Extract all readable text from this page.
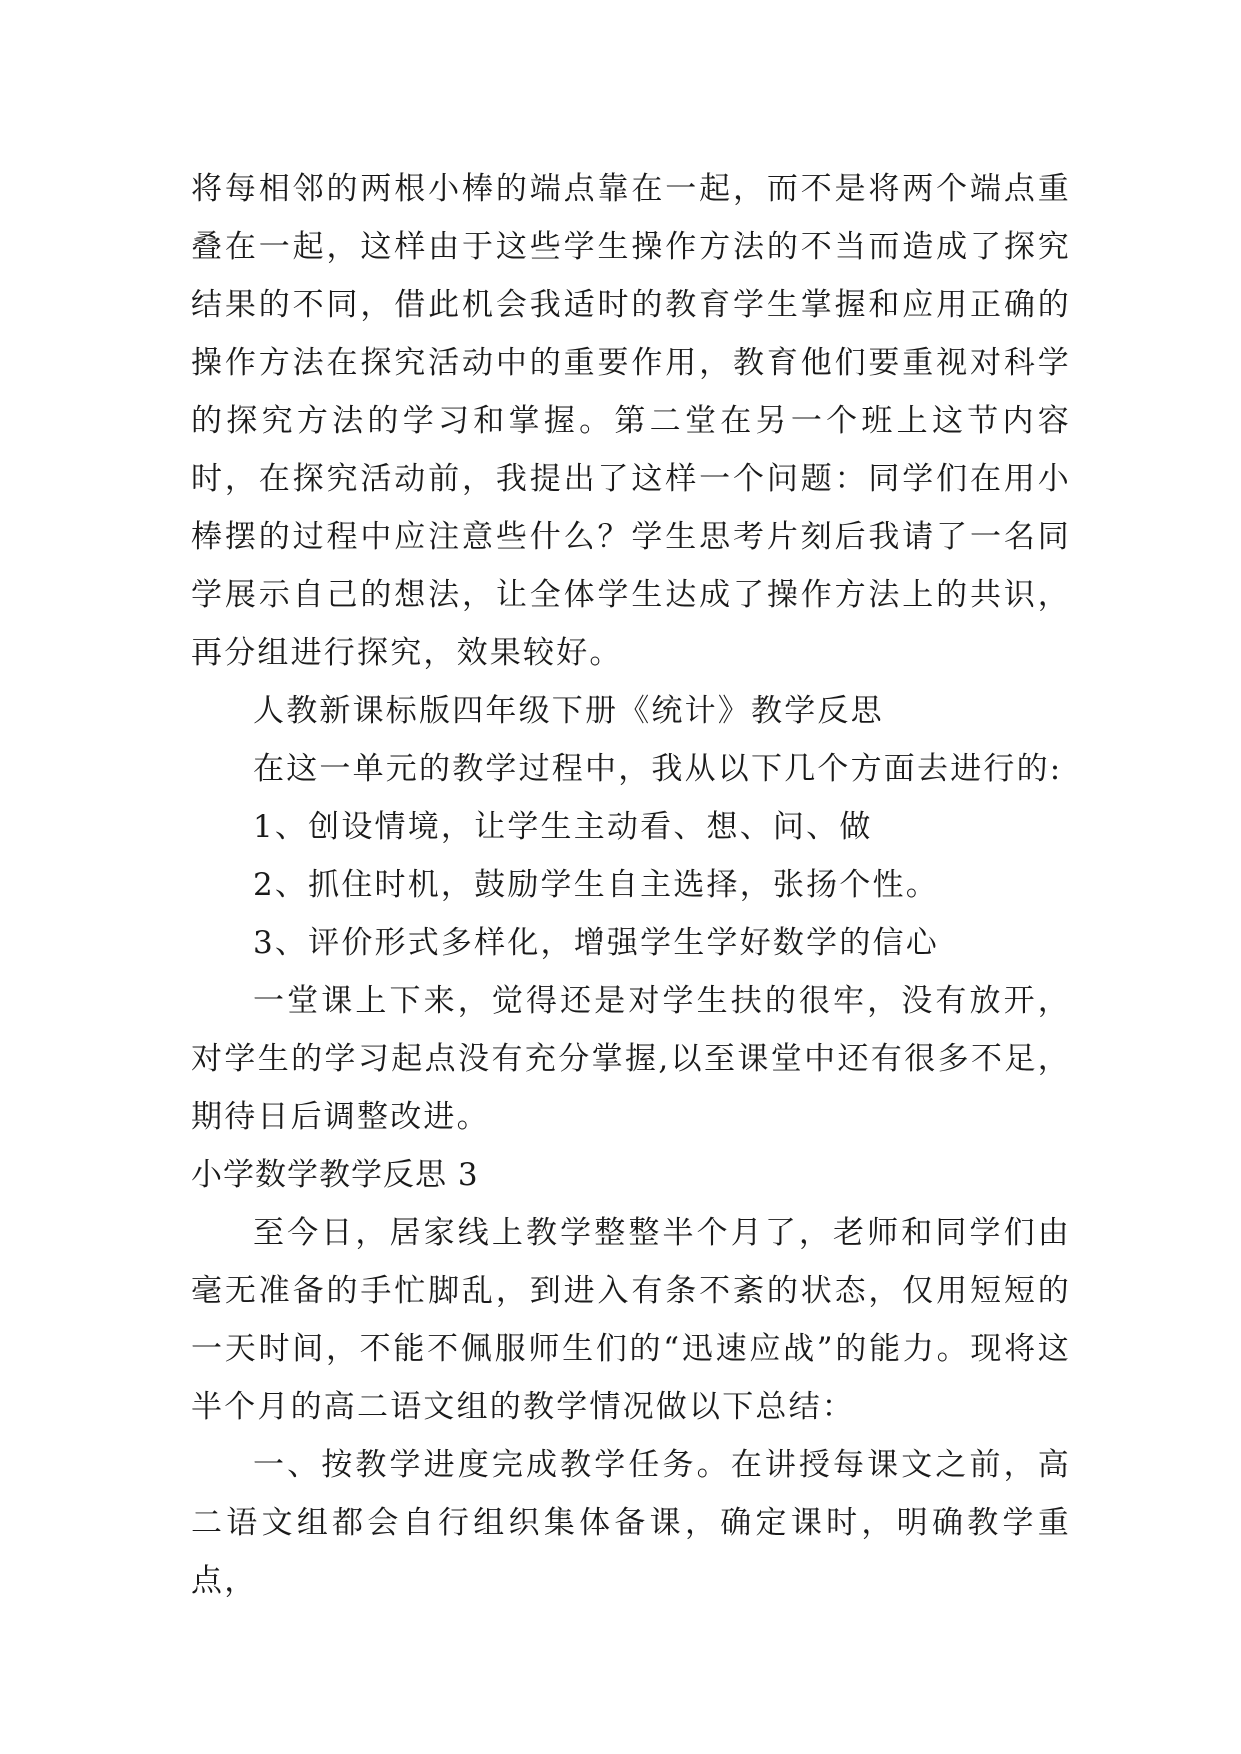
将每相邻的两根小棒的端点靠在一起，而不是将两个端点重叠在一起，这样由于这些学生操作方法的不当而造成了探究结果的不同，借此机会我适时的教育学生掌握和应用正确的操作方法在探究活动中的重要作用，教育他们要重视对科学的探究方法的学习和掌握。第二堂在另一个班上这节内容时，在探究活动前，我提出了这样一个问题：同学们在用小棒摆的过程中应注意些什么？学生思考片刻后我请了一名同学展示自己的想法，让全体学生达成了操作方法上的共识，再分组进行探究，效果较好。

人教新课标版四年级下册《统计》教学反思

在这一单元的教学过程中，我从以下几个方面去进行的:

1、创设情境，让学生主动看、想、问、做

2、抓住时机，鼓励学生自主选择，张扬个性。

3、评价形式多样化，增强学生学好数学的信心

一堂课上下来，觉得还是对学生扶的很牢，没有放开，对学生的学习起点没有充分掌握,以至课堂中还有很多不足，期待日后调整改进。

小学数学教学反思 3

至今日，居家线上教学整整半个月了，老师和同学们由毫无准备的手忙脚乱，到进入有条不紊的状态，仅用短短的一天时间，不能不佩服师生们的“迅速应战”的能力。现将这半个月的高二语文组的教学情况做以下总结：

一、按教学进度完成教学任务。在讲授每课文之前，高二语文组都会自行组织集体备课，确定课时，明确教学重点，
